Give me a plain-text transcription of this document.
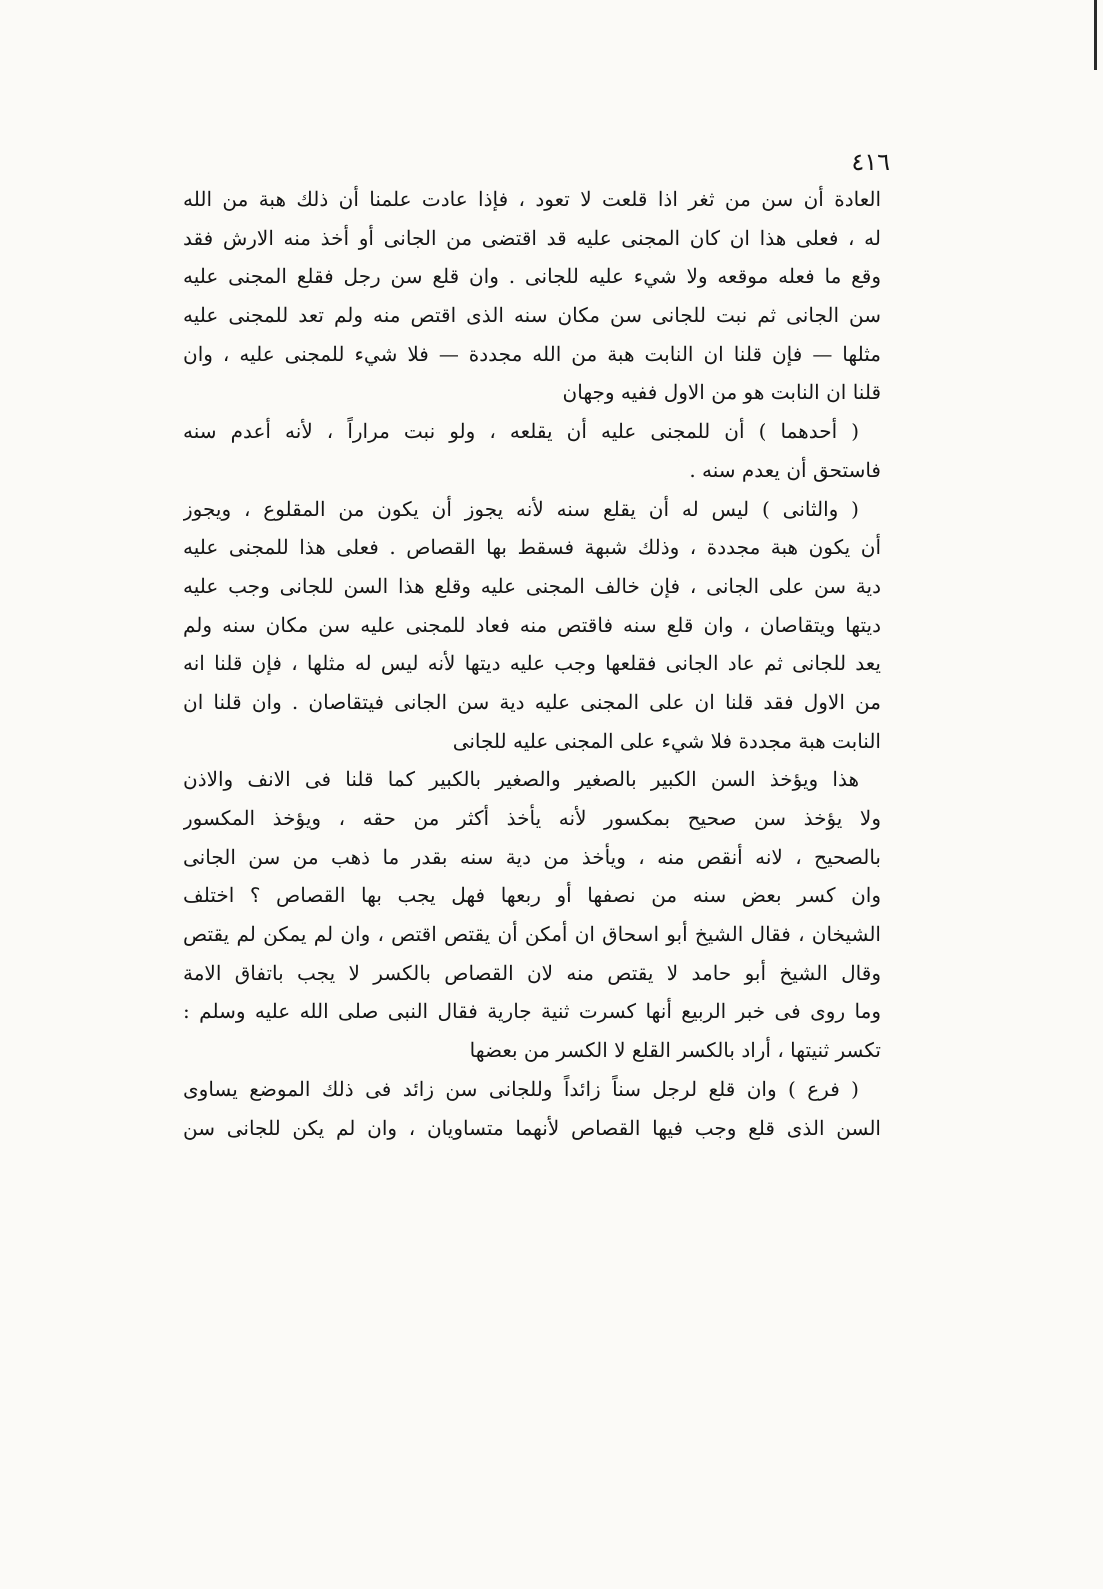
٤١٦
العادة أن سن من ثغر اذا قلعت لا تعود ، فإذا عادت علمنا أن ذلك هبة من الله
له ، فعلى هذا ان كان المجنى عليه قد اقتضى من الجانى أو أخذ منه الارش فقد
وقع ما فعله موقعه ولا شيء عليه للجانى . وان قلع سن رجل فقلع المجنى عليه
سن الجانى ثم نبت للجانى سن مكان سنه الذى اقتص منه ولم تعد للمجنى عليه
مثلها — فإن قلنا ان النابت هبة من الله مجددة — فلا شيء للمجنى عليه ، وان
قلنا ان النابت هو من الاول ففيه وجهان
( أحدهما ) أن للمجنى عليه أن يقلعه ، ولو نبت مراراً ، لأنه أعدم سنه
فاستحق أن يعدم سنه .
( والثانى ) ليس له أن يقلع سنه لأنه يجوز أن يكون من المقلوع ، ويجوز
أن يكون هبة مجددة ، وذلك شبهة فسقط بها القصاص . فعلى هذا للمجنى عليه
دية سن على الجانى ، فإن خالف المجنى عليه وقلع هذا السن للجانى وجب عليه
ديتها ويتقاصان ، وان قلع سنه فاقتص منه فعاد للمجنى عليه سن مكان سنه ولم
يعد للجانى ثم عاد الجانى فقلعها وجب عليه ديتها لأنه ليس له مثلها ، فإن قلنا انه
من الاول فقد قلنا ان على المجنى عليه دية سن الجانى فيتقاصان . وان قلنا ان
النابت هبة مجددة فلا شيء على المجنى عليه للجانى
هذا ويؤخذ السن الكبير بالصغير والصغير بالكبير كما قلنا فى الانف والاذن
ولا يؤخذ سن صحيح بمكسور لأنه يأخذ أكثر من حقه ، ويؤخذ المكسور
بالصحيح ، لانه أنقص منه ، ويأخذ من دية سنه بقدر ما ذهب من سن الجانى
وان كسر بعض سنه من نصفها أو ربعها فهل يجب بها القصاص ؟ اختلف
الشيخان ، فقال الشيخ أبو اسحاق ان أمكن أن يقتص اقتص ، وان لم يمكن لم يقتص
وقال الشيخ أبو حامد لا يقتص منه لان القصاص بالكسر لا يجب باتفاق الامة
وما روى فى خبر الربيع أنها كسرت ثنية جارية فقال النبى صلى الله عليه وسلم :
تكسر ثنيتها ، أراد بالكسر القلع لا الكسر من بعضها
( فرع ) وان قلع لرجل سناً زائداً وللجانى سن زائد فى ذلك الموضع يساوى
السن الذى قلع وجب فيها القصاص لأنهما متساويان ، وان لم يكن للجانى سن
